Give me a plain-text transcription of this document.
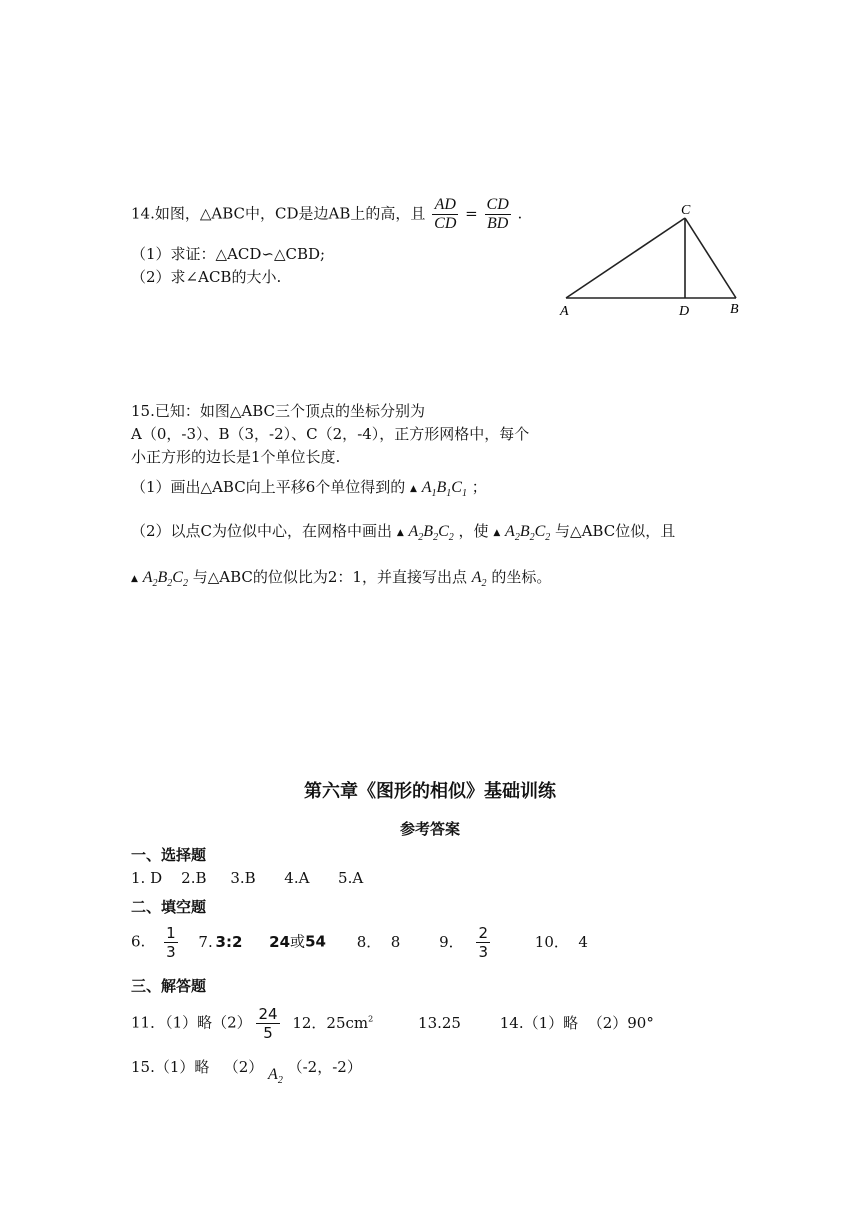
14.如图，△ABC中，CD是边AB上的高，且 $\frac{AD}{CD} = \frac{CD}{BD}$ .
（1）求证：△ACD∽△CBD;
（2）求∠ACB的大小.
A	D	B
C
15.已知：如图△ABC三个顶点的坐标分别为
A（0，-3）、B（3，-2）、C（2，-4），正方形网格中，每个
小正方形的边长是1个单位长度.
（1）画出△ABC向上平移6个单位得到的 ▲ $A_1B_1C_1$ ；
（2）以点C为位似中心，在网格中画出 ▲ $A_2B_2C_2$ ，使 ▲ $A_2B_2C_2$ 与△ABC位似，且
▲ $A_2B_2C_2$ 与△ABC的位似比为2：1，并直接写出点 $A_2$ 的坐标。
第六章《图形的相似》基础训练
参考答案
一、选择题
1. D    2.B     3.B      4.A      5.A
二、填空题
6. $\frac{1}{3} 7$. 3:2 24或54 8．  8	9． $\frac{2}{3}$	10．  4
三、解答题
11．（1）略$(2) \frac{24}{5} 12$．$25cm^2$	13.25	14.（1）略  （2）90°
15.（1）略   （2） $A_2$ （-2，-2）
